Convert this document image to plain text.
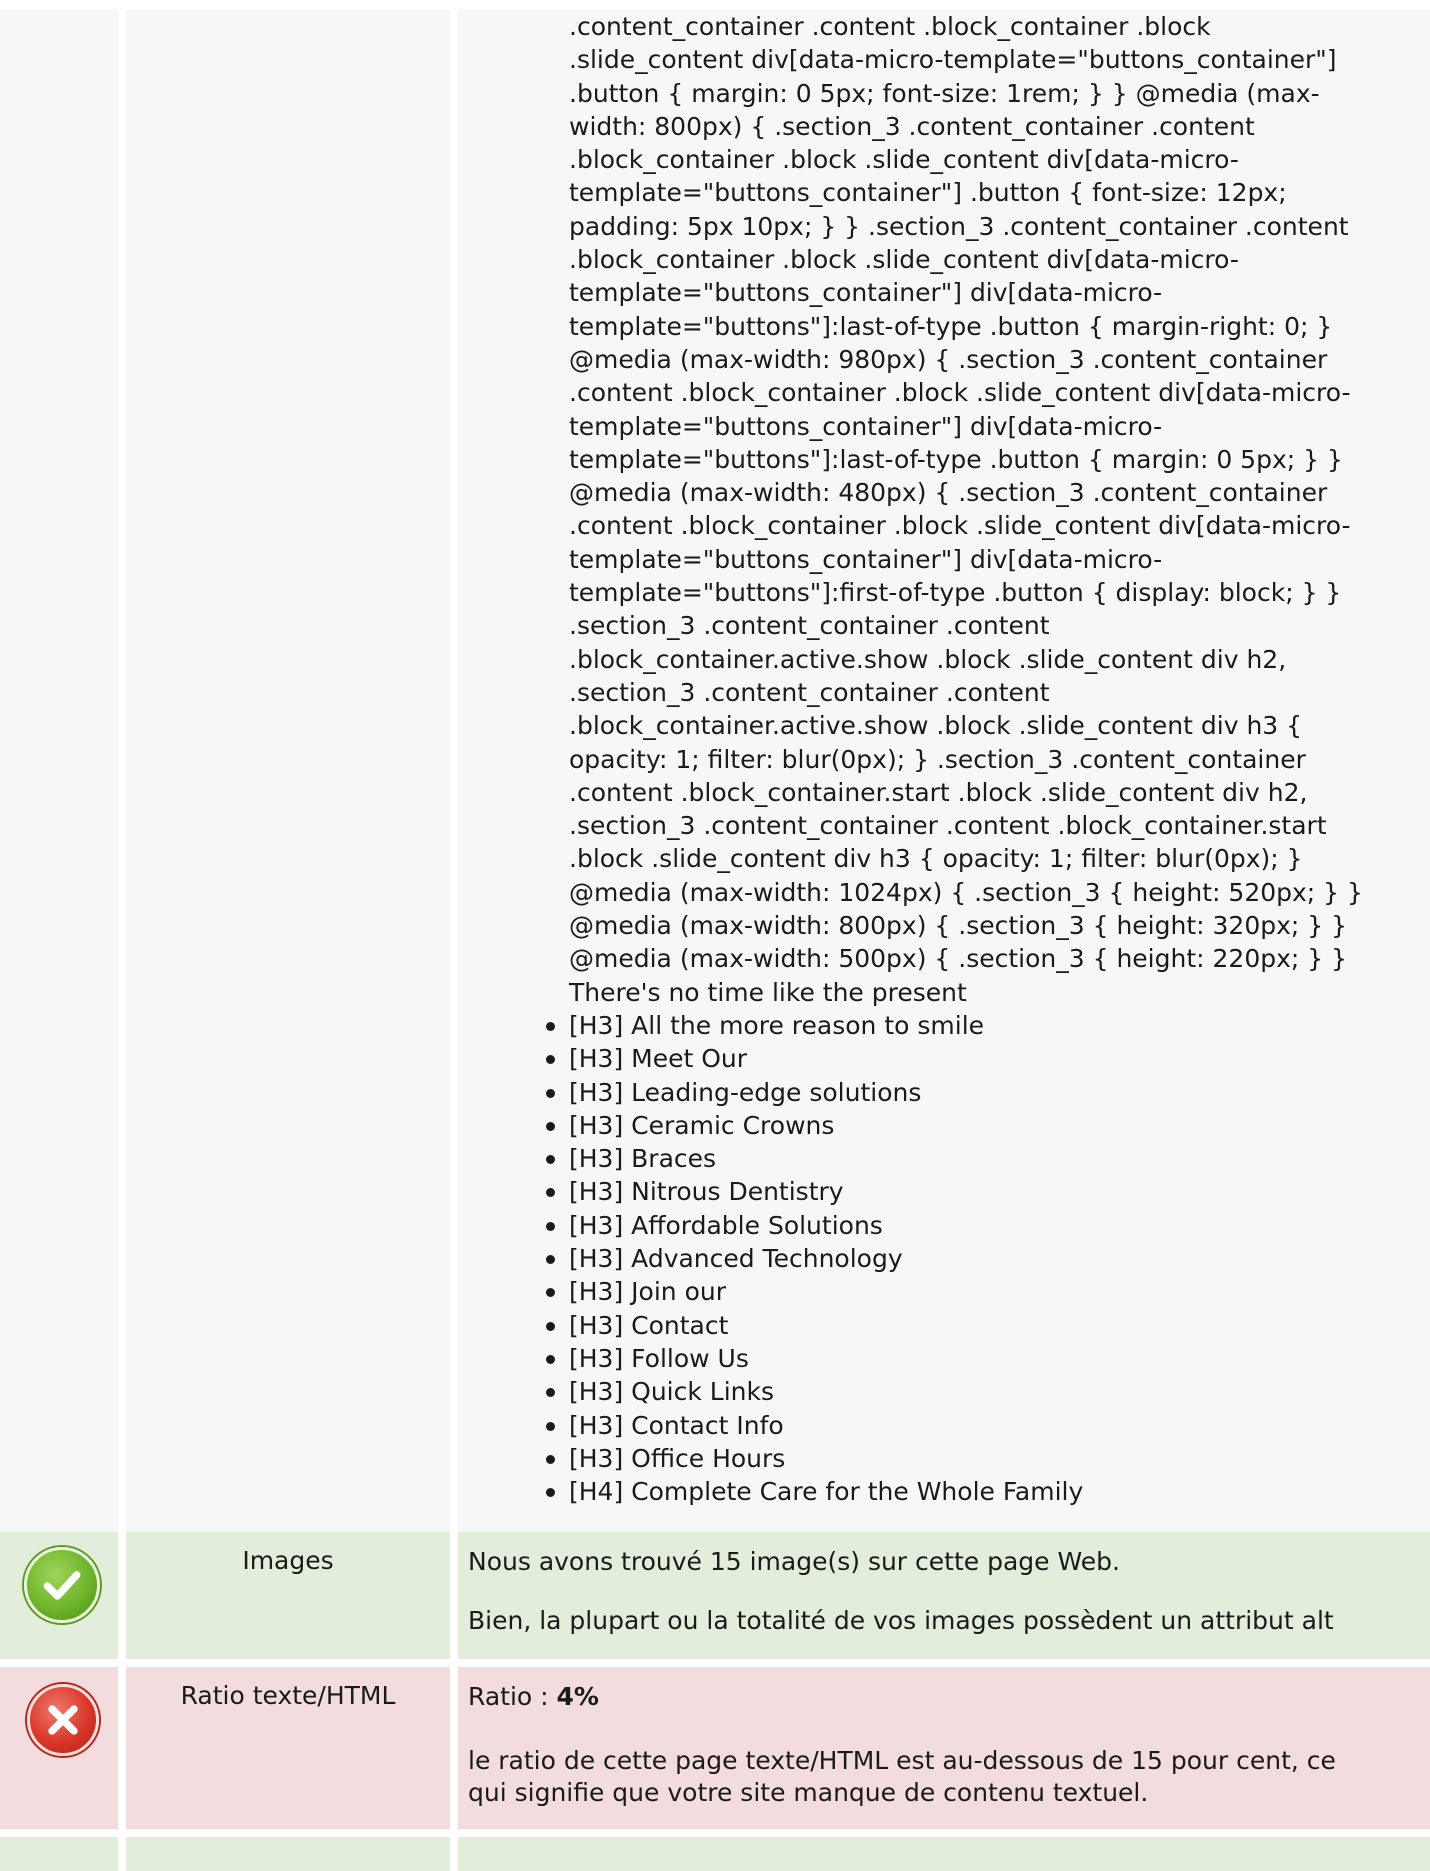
.content_container .content .block_container .block

.slide_content div[data-micro-template="buttons_container"]

.button { margin: 0 5px; font-size: 1rem; } } @media (max-

width: 800px) { .section_3 .content_container .content

.block_container .block .slide_content div[data-micro-

template="buttons_container"] .button { font-size: 12px;

padding: 5px 10px; } } .section_3 .content_container .content

.block_container .block .slide_content div[data-micro-

template="buttons_container"] div[data-micro-

template="buttons"]:last-of-type .button { margin-right: 0; }

@media (max-width: 980px) { .section_3 .content_container

.content .block_container .block .slide_content div[data-micro-

template="buttons_container"] div[data-micro-

template="buttons"]:last-of-type .button { margin: 0 5px; } }

@media (max-width: 480px) { .section_3 .content_container

.content .block_container .block .slide_content div[data-micro-

template="buttons_container"] div[data-micro-

template="buttons"]:first-of-type .button { display: block; } }

.section_3 .content_container .content

.block_container.active.show .block .slide_content div h2,

.section_3 .content_container .content

.block_container.active.show .block .slide_content div h3 {

opacity: 1; filter: blur(0px); } .section_3 .content_container

.content .block_container.start .block .slide_content div h2,

.section_3 .content_container .content .block_container.start

.block .slide_content div h3 { opacity: 1; filter: blur(0px); }

@media (max-width: 1024px) { .section_3 { height: 520px; } }

@media (max-width: 800px) { .section_3 { height: 320px; } }

@media (max-width: 500px) { .section_3 { height: 220px; } }

There's no time like the present

[H3] All the more reason to smile
[H3] Meet Our
[H3] Leading-edge solutions
[H3] Ceramic Crowns
[H3] Braces
[H3] Nitrous Dentistry
[H3] Affordable Solutions
[H3] Advanced Technology
[H3] Join our
[H3] Contact
[H3] Follow Us
[H3] Quick Links
[H3] Contact Info
[H3] Office Hours
[H4] Complete Care for the Whole Family
Images	Nous avons trouvé 15 image(s) sur cette page Web.

Bien, la plupart ou la totalité de vos images possèdent un attribut alt

Ratio texte/HTML	Ratio : 4%

le ratio de cette page texte/HTML est au-dessous de 15 pour cent, ce

qui signifie que votre site manque de contenu textuel.
